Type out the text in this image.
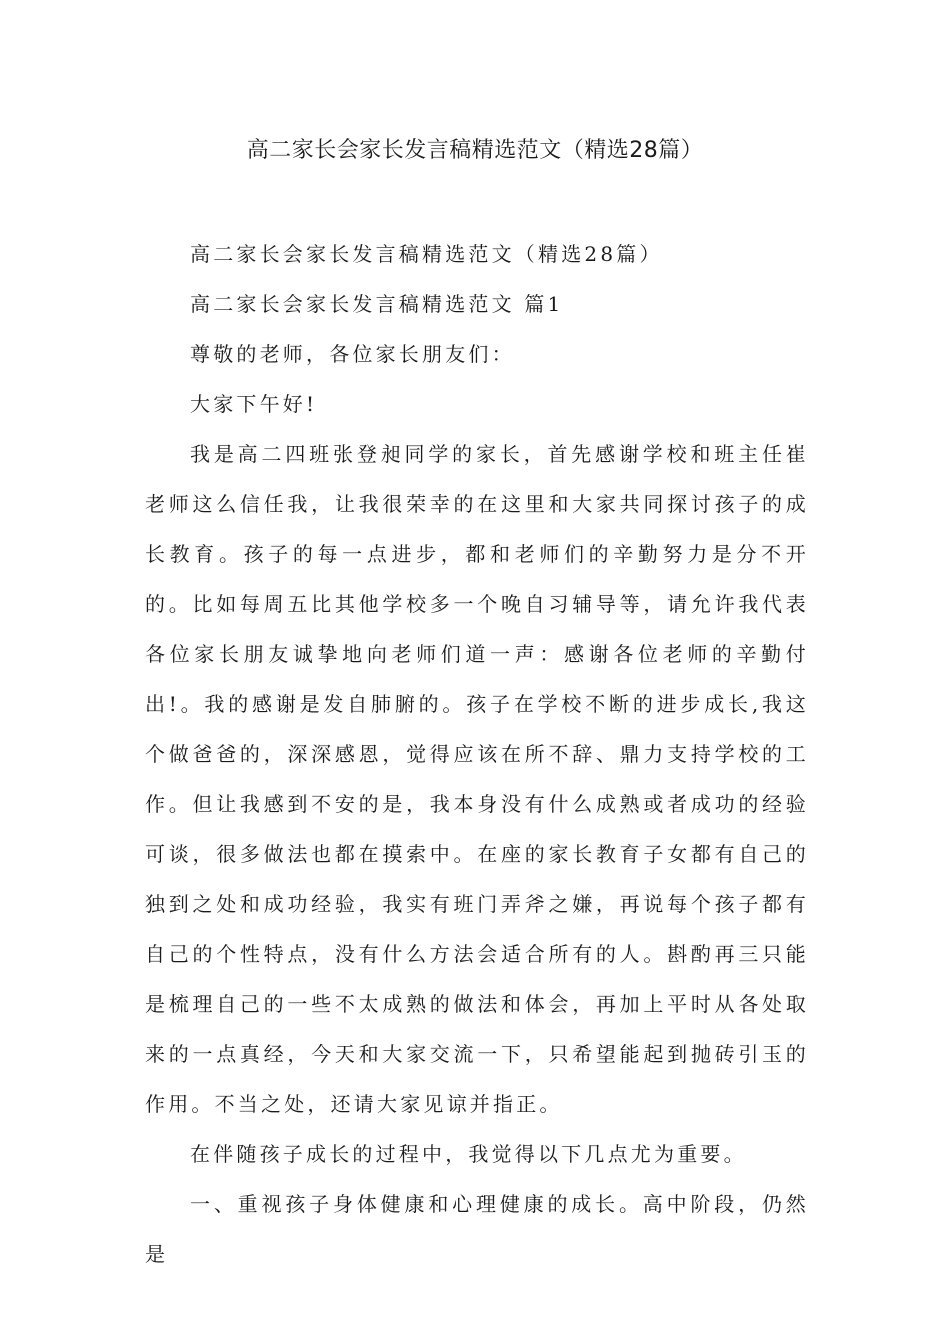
高二家长会家长发言稿精选范文（精选28篇）

高二家长会家长发言稿精选范文（精选28篇）

高二家长会家长发言稿精选范文 篇1

尊敬的老师，各位家长朋友们：

大家下午好!

我是高二四班张登昶同学的家长，首先感谢学校和班主任崔老师这么信任我，让我很荣幸的在这里和大家共同探讨孩子的成长教育。孩子的每一点进步，都和老师们的辛勤努力是分不开的。比如每周五比其他学校多一个晚自习辅导等，请允许我代表各位家长朋友诚挚地向老师们道一声：感谢各位老师的辛勤付出!。我的感谢是发自肺腑的。孩子在学校不断的进步成长,我这个做爸爸的，深深感恩，觉得应该在所不辞、鼎力支持学校的工作。但让我感到不安的是，我本身没有什么成熟或者成功的经验可谈，很多做法也都在摸索中。在座的家长教育子女都有自己的独到之处和成功经验，我实有班门弄斧之嫌，再说每个孩子都有自己的个性特点，没有什么方法会适合所有的人。斟酌再三只能是梳理自己的一些不太成熟的做法和体会，再加上平时从各处取来的一点真经，今天和大家交流一下，只希望能起到抛砖引玉的作用。不当之处，还请大家见谅并指正。

在伴随孩子成长的过程中，我觉得以下几点尤为重要。

一、重视孩子身体健康和心理健康的成长。高中阶段，仍然是
